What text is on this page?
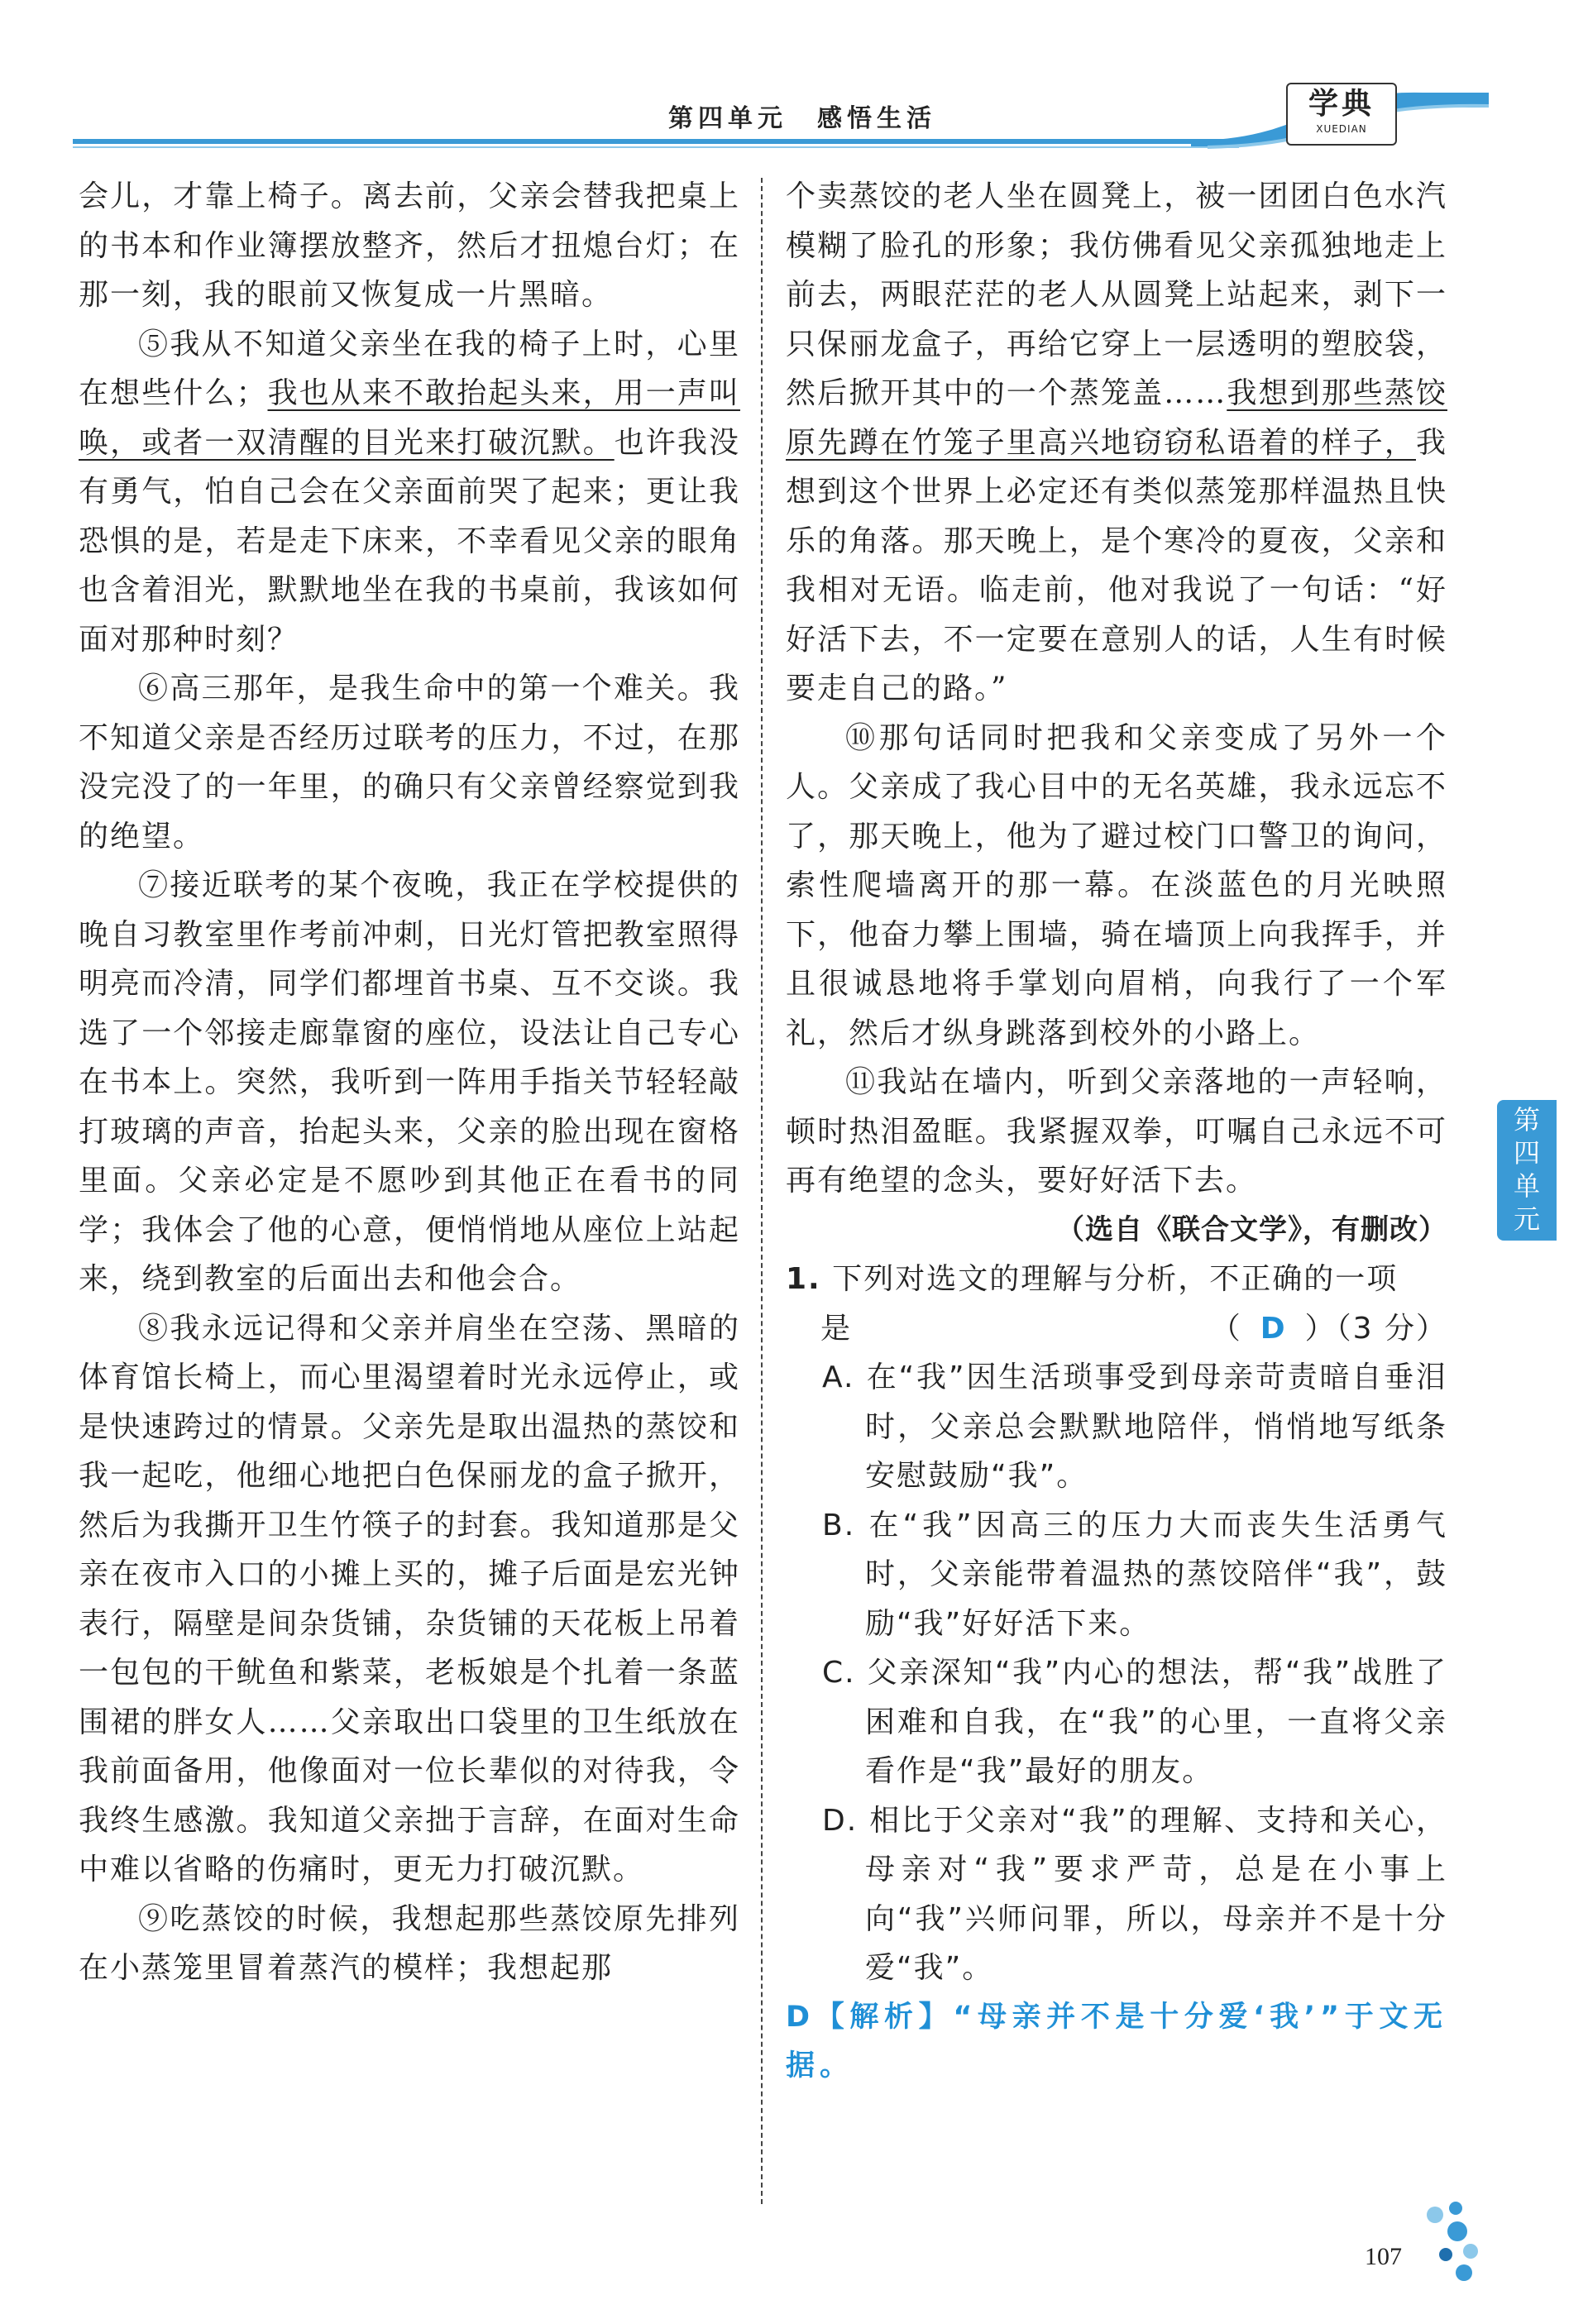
学典
XUEDIAN
第四单元　感悟生活

会儿，才靠上椅子。离去前，父亲会替我把桌上的书本和作业簿摆放整齐，然后才扭熄台灯；在那一刻，我的眼前又恢复成一片黑暗。

⑤我从不知道父亲坐在我的椅子上时，心里在想些什么；我也从来不敢抬起头来，用一声叫唤，或者一双清醒的目光来打破沉默。也许我没有勇气，怕自己会在父亲面前哭了起来；更让我恐惧的是，若是走下床来，不幸看见父亲的眼角也含着泪光，默默地坐在我的书桌前，我该如何面对那种时刻？

⑥高三那年，是我生命中的第一个难关。我不知道父亲是否经历过联考的压力，不过，在那没完没了的一年里，的确只有父亲曾经察觉到我的绝望。

⑦接近联考的某个夜晚，我正在学校提供的晚自习教室里作考前冲刺，日光灯管把教室照得明亮而冷清，同学们都埋首书桌、互不交谈。我选了一个邻接走廊靠窗的座位，设法让自己专心在书本上。突然，我听到一阵用手指关节轻轻敲打玻璃的声音，抬起头来，父亲的脸出现在窗格里面。父亲必定是不愿吵到其他正在看书的同学；我体会了他的心意，便悄悄地从座位上站起来，绕到教室的后面出去和他会合。

⑧我永远记得和父亲并肩坐在空荡、黑暗的体育馆长椅上，而心里渴望着时光永远停止，或是快速跨过的情景。父亲先是取出温热的蒸饺和我一起吃，他细心地把白色保丽龙的盒子掀开，然后为我撕开卫生竹筷子的封套。我知道那是父亲在夜市入口的小摊上买的，摊子后面是宏光钟表行，隔壁是间杂货铺，杂货铺的天花板上吊着一包包的干鱿鱼和紫菜，老板娘是个扎着一条蓝围裙的胖女人……父亲取出口袋里的卫生纸放在我前面备用，他像面对一位长辈似的对待我，令我终生感激。我知道父亲拙于言辞，在面对生命中难以省略的伤痛时，更无力打破沉默。

⑨吃蒸饺的时候，我想起那些蒸饺原先排列在小蒸笼里冒着蒸汽的模样；我想起那

个卖蒸饺的老人坐在圆凳上，被一团团白色水汽模糊了脸孔的形象；我仿佛看见父亲孤独地走上前去，两眼茫茫的老人从圆凳上站起来，剥下一只保丽龙盒子，再给它穿上一层透明的塑胶袋，然后掀开其中的一个蒸笼盖……我想到那些蒸饺原先蹲在竹笼子里高兴地窃窃私语着的样子，我想到这个世界上必定还有类似蒸笼那样温热且快乐的角落。那天晚上，是个寒冷的夏夜，父亲和我相对无语。临走前，他对我说了一句话：“好好活下去，不一定要在意别人的话，人生有时候要走自己的路。”

⑩那句话同时把我和父亲变成了另外一个人。父亲成了我心目中的无名英雄，我永远忘不了，那天晚上，他为了避过校门口警卫的询问，索性爬墙离开的那一幕。在淡蓝色的月光映照下，他奋力攀上围墙，骑在墙顶上向我挥手，并且很诚恳地将手掌划向眉梢，向我行了一个军礼，然后才纵身跳落到校外的小路上。

⑪我站在墙内，听到父亲落地的一声轻响，顿时热泪盈眶。我紧握双拳，叮嘱自己永远不可再有绝望的念头，要好好活下去。

（选自《联合文学》，有删改）

1. 下列对选文的理解与分析，不正确的一项

是	（ D ）（3 分）

A. 在“我”因生活琐事受到母亲苛责暗自垂泪时，父亲总会默默地陪伴，悄悄地写纸条安慰鼓励“我”。

B. 在“我”因高三的压力大而丧失生活勇气时，父亲能带着温热的蒸饺陪伴“我”，鼓励“我”好好活下来。

C. 父亲深知“我”内心的想法，帮“我”战胜了困难和自我，在“我”的心里，一直将父亲看作是“我”最好的朋友。

D. 相比于父亲对“我”的理解、支持和关心，母亲对“我”要求严苛，总是在小事上向“我”兴师问罪，所以，母亲并不是十分爱“我”。

D【解析】“母亲并不是十分爱‘我’”于文无据。

第
四
单
元
107
